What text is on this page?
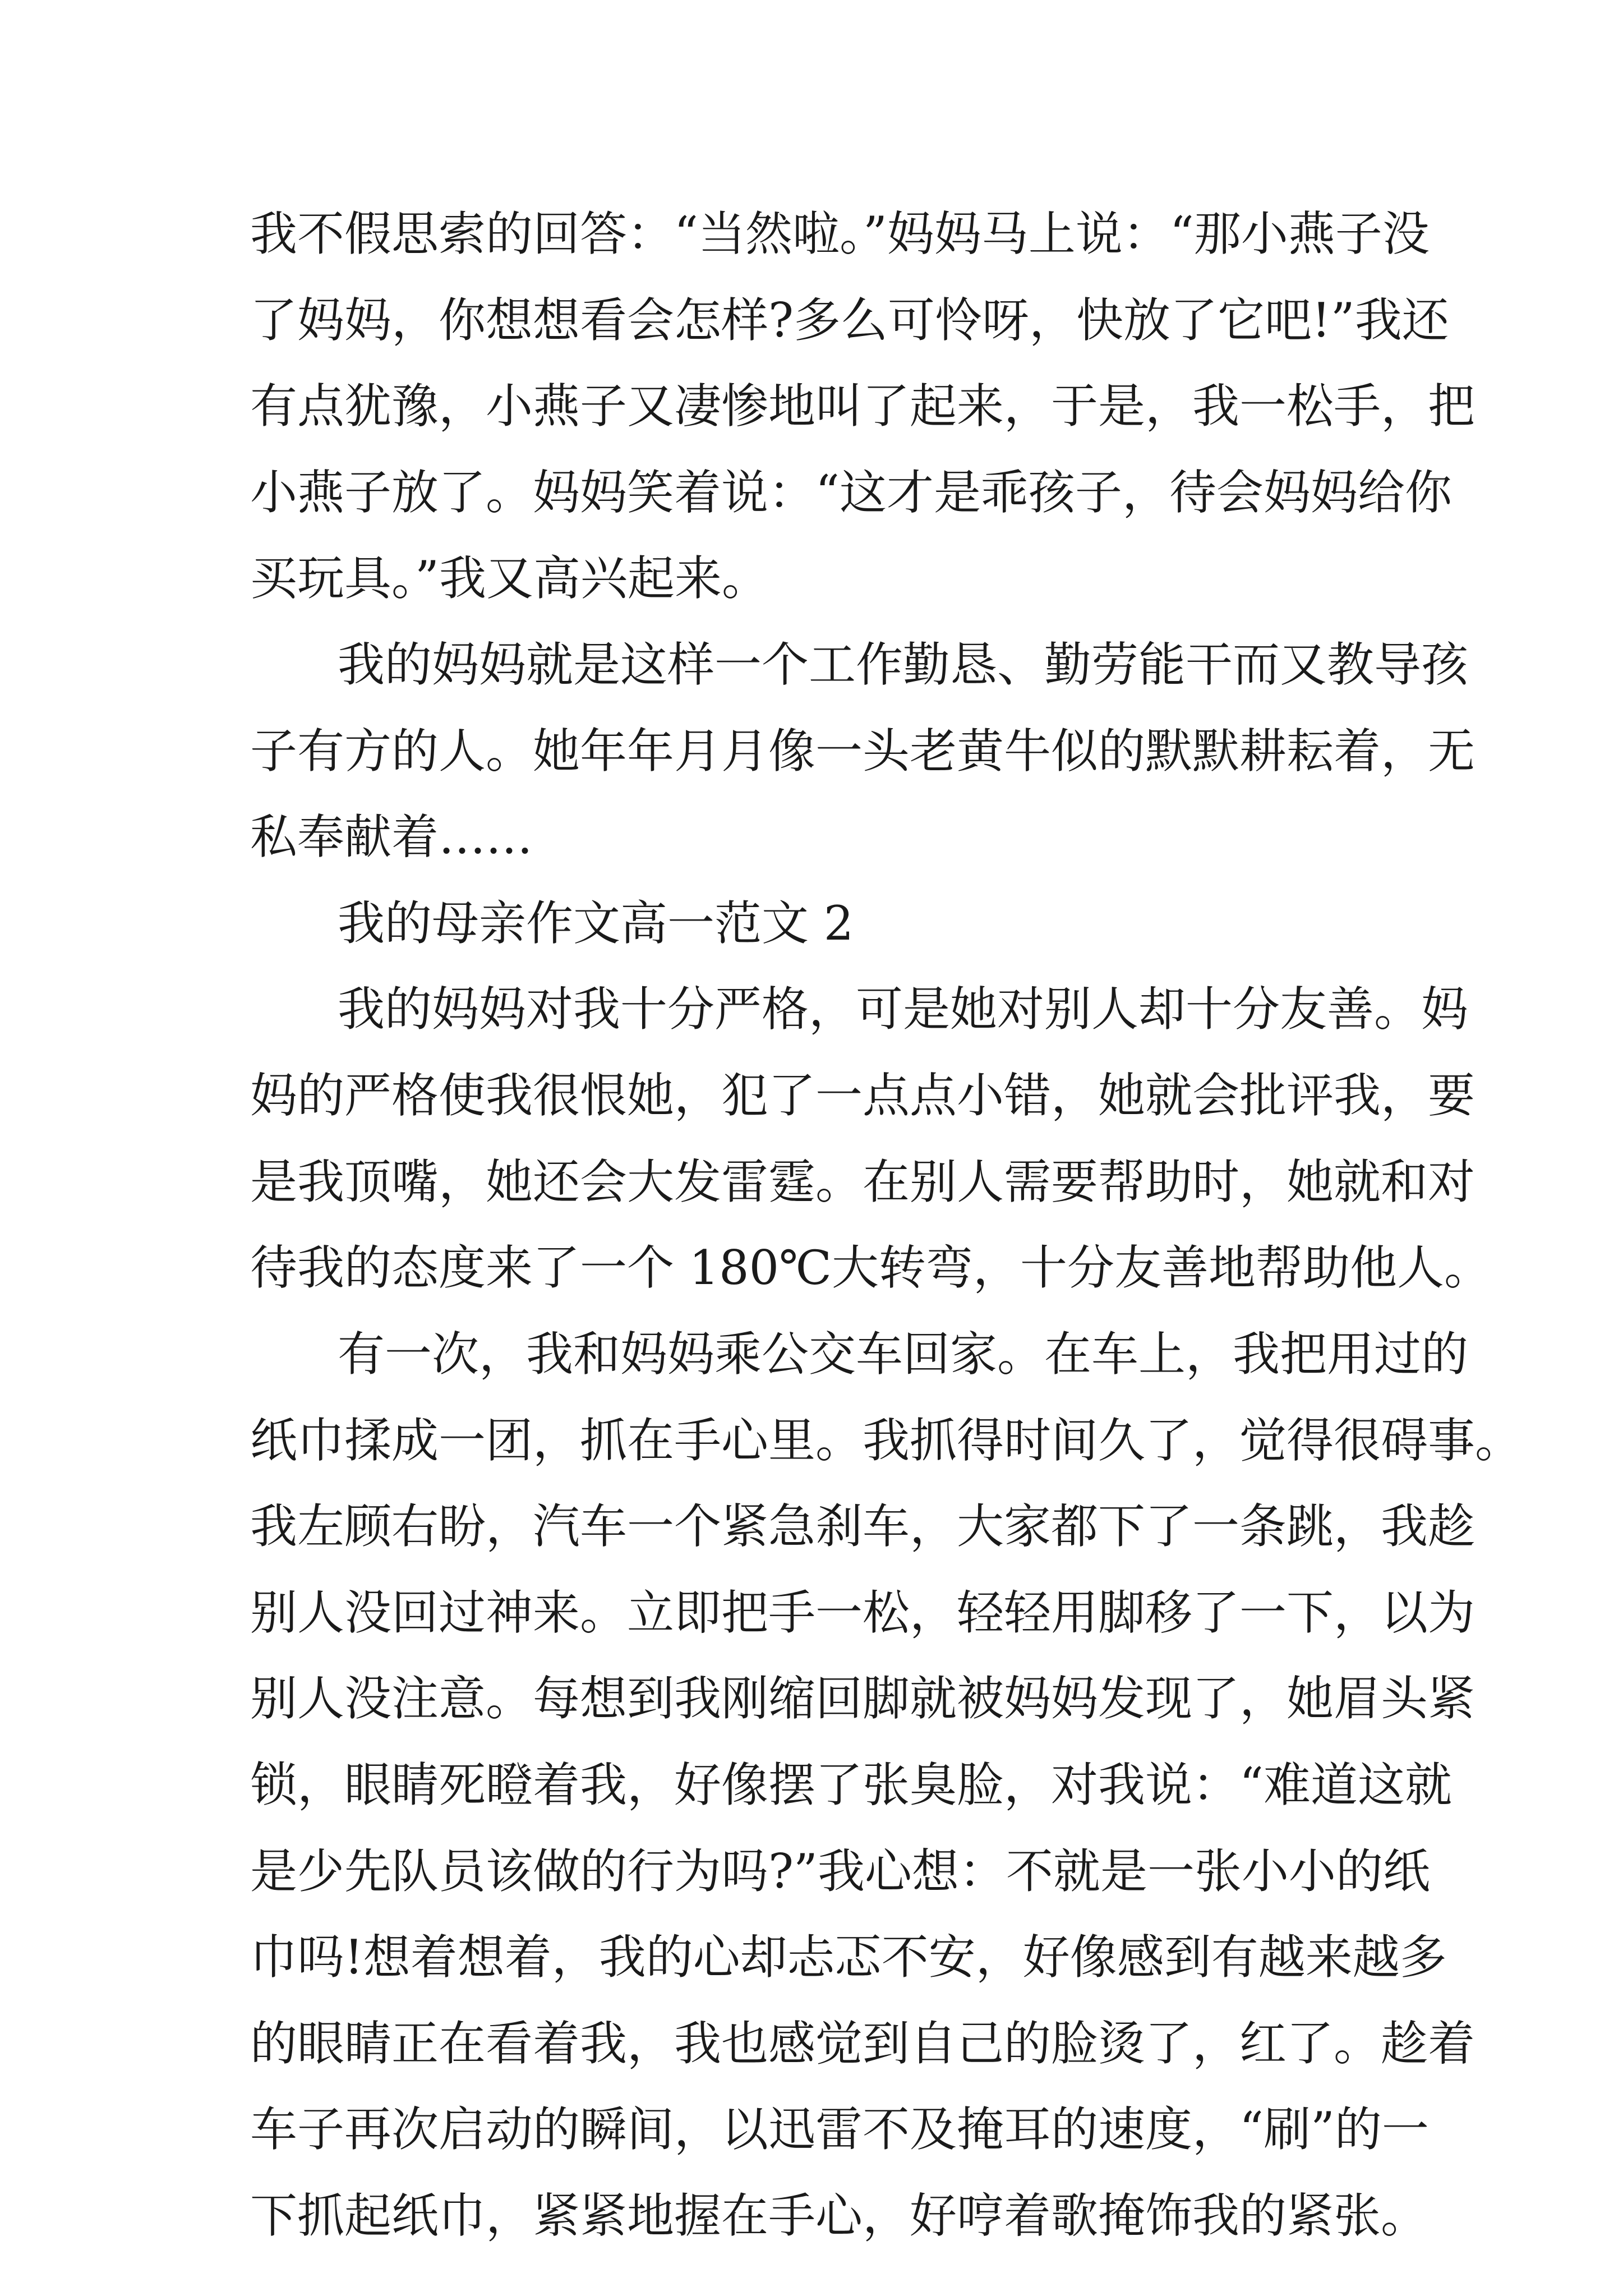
我不假思索的回答：“当然啦。”妈妈马上说：“那小燕子没
了妈妈，你想想看会怎样?多么可怜呀，快放了它吧!”我还
有点犹豫，小燕子又凄惨地叫了起来，于是，我一松手，把
小燕子放了。妈妈笑着说：“这才是乖孩子，待会妈妈给你
买玩具。”我又高兴起来。
我的妈妈就是这样一个工作勤恳、勤劳能干而又教导孩
子有方的人。她年年月月像一头老黄牛似的默默耕耘着，无
私奉献着……
我的母亲作文高一范文 2
我的妈妈对我十分严格，可是她对别人却十分友善。妈
妈的严格使我很恨她，犯了一点点小错，她就会批评我，要
是我顶嘴，她还会大发雷霆。在别人需要帮助时，她就和对
待我的态度来了一个 180℃大转弯，十分友善地帮助他人。
有一次，我和妈妈乘公交车回家。在车上，我把用过的
纸巾揉成一团，抓在手心里。我抓得时间久了，觉得很碍事。
我左顾右盼，汽车一个紧急刹车，大家都下了一条跳，我趁
别人没回过神来。立即把手一松，轻轻用脚移了一下，以为
别人没注意。每想到我刚缩回脚就被妈妈发现了，她眉头紧
锁，眼睛死瞪着我，好像摆了张臭脸，对我说：“难道这就
是少先队员该做的行为吗?”我心想：不就是一张小小的纸
巾吗!想着想着，我的心却忐忑不安，好像感到有越来越多
的眼睛正在看着我，我也感觉到自己的脸烫了，红了。趁着
车子再次启动的瞬间，以迅雷不及掩耳的速度，“刷”的一
下抓起纸巾，紧紧地握在手心，好哼着歌掩饰我的紧张。
